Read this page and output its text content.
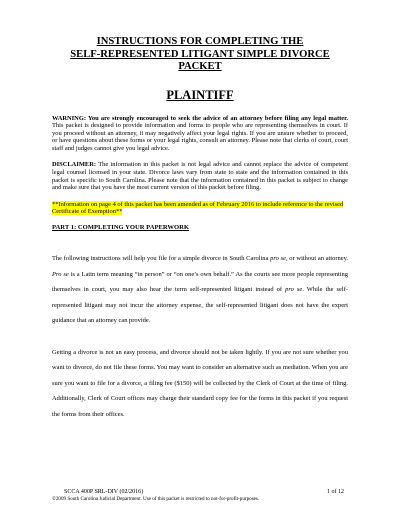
INSTRUCTIONS FOR COMPLETING THE
SELF-REPRESENTED LITIGANT SIMPLE DIVORCE
PACKET

PLAINTIFF

WARNING: You are strongly encouraged to seek the advice of an attorney before filing any legal matter. This packet is designed to provide information and forms to people who are representing themselves in court. If you proceed without an attorney, it may negatively affect your legal rights. If you are unsure whether to proceed, or have questions about these forms or your legal rights, consult an attorney. Please note that clerks of court, court staff and judges cannot give you legal advice.

DISCLAIMER: The information in this packet is not legal advice and cannot replace the advice of competent legal counsel licensed in your state. Divorce laws vary from state to state and the information contained in this packet is specific to South Carolina. Please note that the information contained in this packet is subject to change and make sure that you have the most current version of this packet before filing.

**Information on page 4 of this packet has been amended as of February 2016 to include reference to the revised Certificate of Exemption**

PART 1: COMPLETING YOUR PAPERWORK

The following instructions will help you file for a simple divorce in South Carolina pro se, or without an attorney. Pro se is a Latin term meaning “in person” or “on one’s own behalf.” As the courts see more people representing themselves in court, you may also hear the term self-represented litigant instead of pro se. While the self-represented litigant may not incur the attorney expense, the self-represented litigant does not have the expert guidance that an attorney can provide.

Getting a divorce is not an easy process, and divorce should not be taken lightly. If you are not sure whether you want to divorce, do not file these forms. You may want to consider an alternative such as mediation. When you are sure you want to file for a divorce, a filing fee ($150) will be collected by the Clerk of Court at the time of filing. Additionally, Clerk of Court offices may charge their standard copy fee for the forms in this packet if you request the forms from their offices.

SCCA 400P SRL-DIV (02/2016)	1 of 12
©2009 South Carolina Judicial Department. Use of this packet is restricted to not-for-profit-purposes.
